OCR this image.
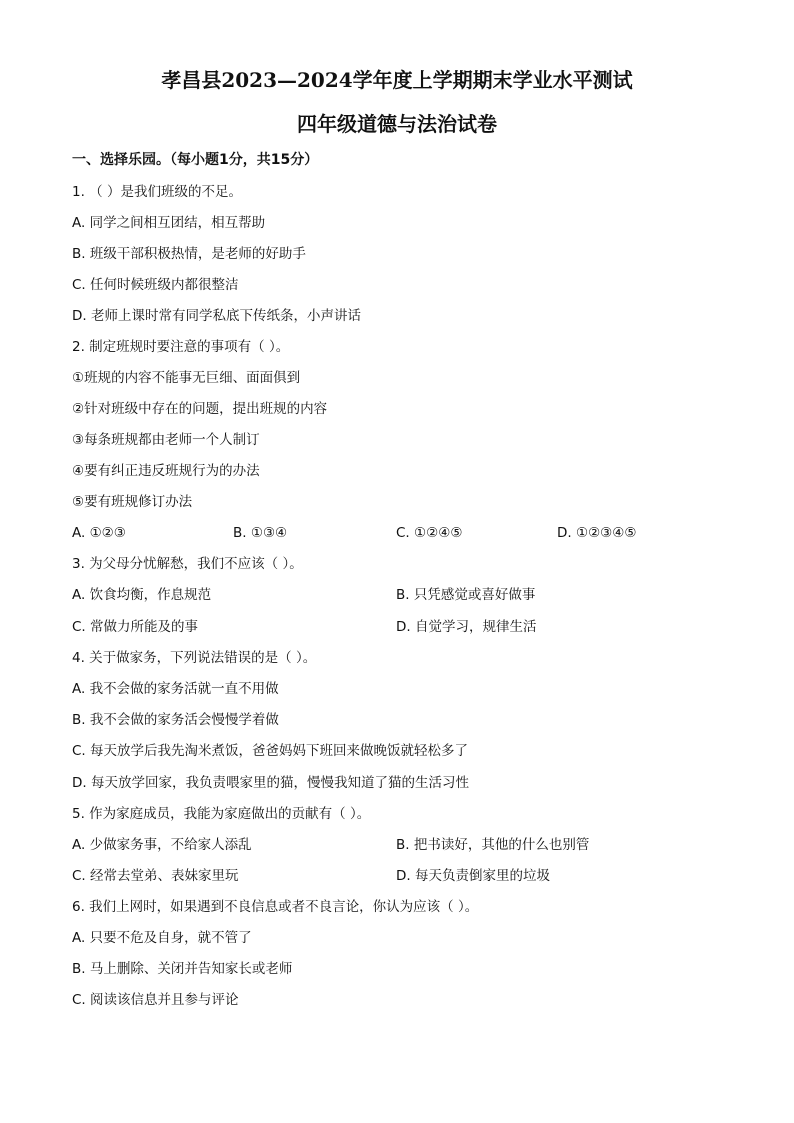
孝昌县2023—2024学年度上学期期末学业水平测试
四年级道德与法治试卷
一、选择乐园。（每小题1分，共15分）
1. （ ）是我们班级的不足。
A. 同学之间相互团结，相互帮助
B. 班级干部积极热情，是老师的好助手
C. 任何时候班级内都很整洁
D. 老师上课时常有同学私底下传纸条，小声讲话
2. 制定班规时要注意的事项有（ ）。
①班规的内容不能事无巨细、面面俱到
②针对班级中存在的问题，提出班规的内容
③每条班规都由老师一个人制订
④要有纠正违反班规行为的办法
⑤要有班规修订办法
A. ①②③	B. ①③④	C. ①②④⑤	D. ①②③④⑤
3. 为父母分忧解愁，我们不应该（ ）。
A. 饮食均衡，作息规范	B. 只凭感觉或喜好做事
C. 常做力所能及的事	D. 自觉学习，规律生活
4. 关于做家务，下列说法错误的是（ ）。
A. 我不会做的家务活就一直不用做
B. 我不会做的家务活会慢慢学着做
C. 每天放学后我先淘米煮饭，爸爸妈妈下班回来做晚饭就轻松多了
D. 每天放学回家，我负责喂家里的猫，慢慢我知道了猫的生活习性
5. 作为家庭成员，我能为家庭做出的贡献有（ ）。
A. 少做家务事，不给家人添乱	B. 把书读好，其他的什么也别管
C. 经常去堂弟、表妹家里玩	D. 每天负责倒家里的垃圾
6. 我们上网时，如果遇到不良信息或者不良言论，你认为应该（ ）。
A. 只要不危及自身，就不管了
B. 马上删除、关闭并告知家长或老师
C. 阅读该信息并且参与评论
